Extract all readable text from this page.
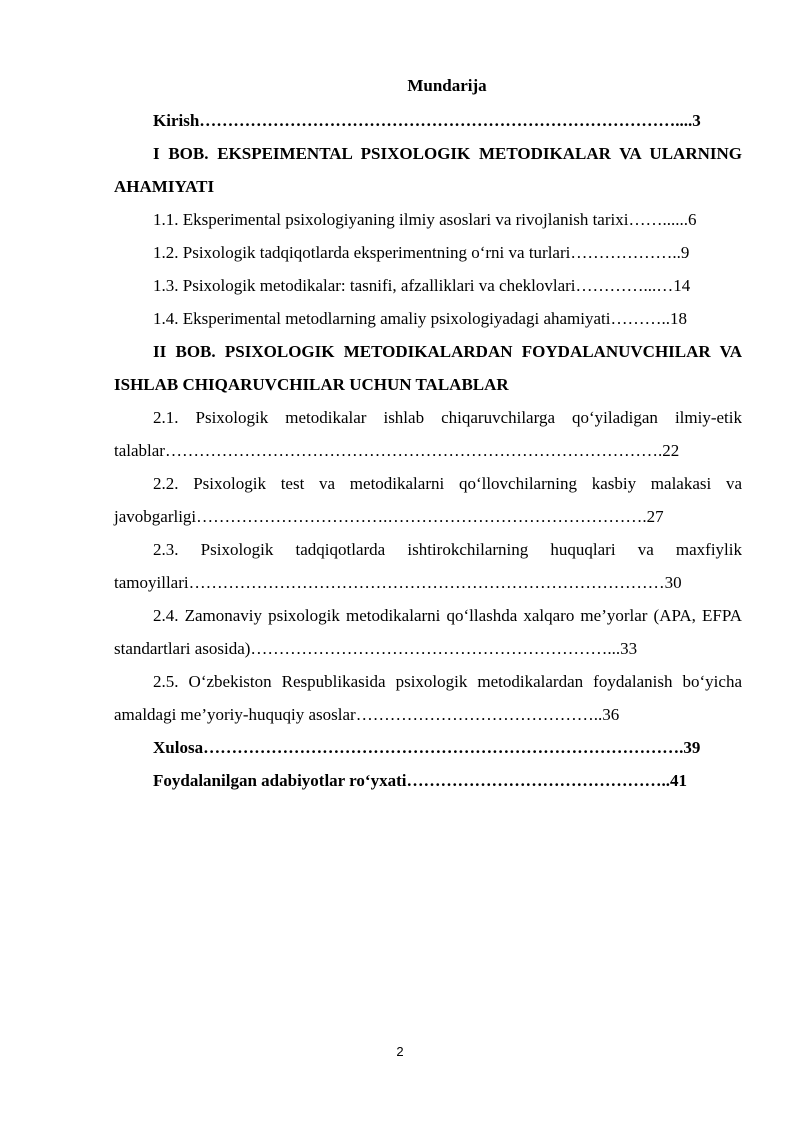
Mundarija

Kirish…………………………………………………………………………....3

I BOB. EKSPEIMENTAL PSIXOLOGIK METODIKALAR VA ULARNING AHAMIYATI

1.1. Eksperimental psixologiyaning ilmiy asoslari va rivojlanish tarixi……......6

1.2. Psixologik tadqiqotlarda eksperimentning o‘rni va turlari………………..9

1.3. Psixologik metodikalar: tasnifi, afzalliklari va cheklovlari…………...…14

1.4. Eksperimental metodlarning amaliy psixologiyadagi ahamiyati………..18

II BOB. PSIXOLOGIK METODIKALARDAN FOYDALANUVCHILAR VA ISHLAB CHIQARUVCHILAR UCHUN TALABLAR

2.1. Psixologik metodikalar ishlab chiqaruvchilarga qo‘yiladigan ilmiy-etik talablar…………………………………………………………………………….22

2.2. Psixologik test va metodikalarni qo‘llovchilarning kasbiy malakasi va javobgarligi…………………………….……………………………………….27

2.3. Psixologik tadqiqotlarda ishtirokchilarning huquqlari va maxfiylik tamoyillari…………………………………………………………………………30

2.4. Zamonaviy psixologik metodikalarni qo‘llashda xalqaro me’yorlar (APA, EFPA standartlari asosida)………………………………………………………...33

2.5. O‘zbekiston Respublikasida psixologik metodikalardan foydalanish bo‘yicha amaldagi me’yoriy-huquqiy asoslar……………………………………..36

Xulosa………………………………………………………………………….39

Foydalanilgan adabiyotlar ro‘yxati………………………………………..41

2
